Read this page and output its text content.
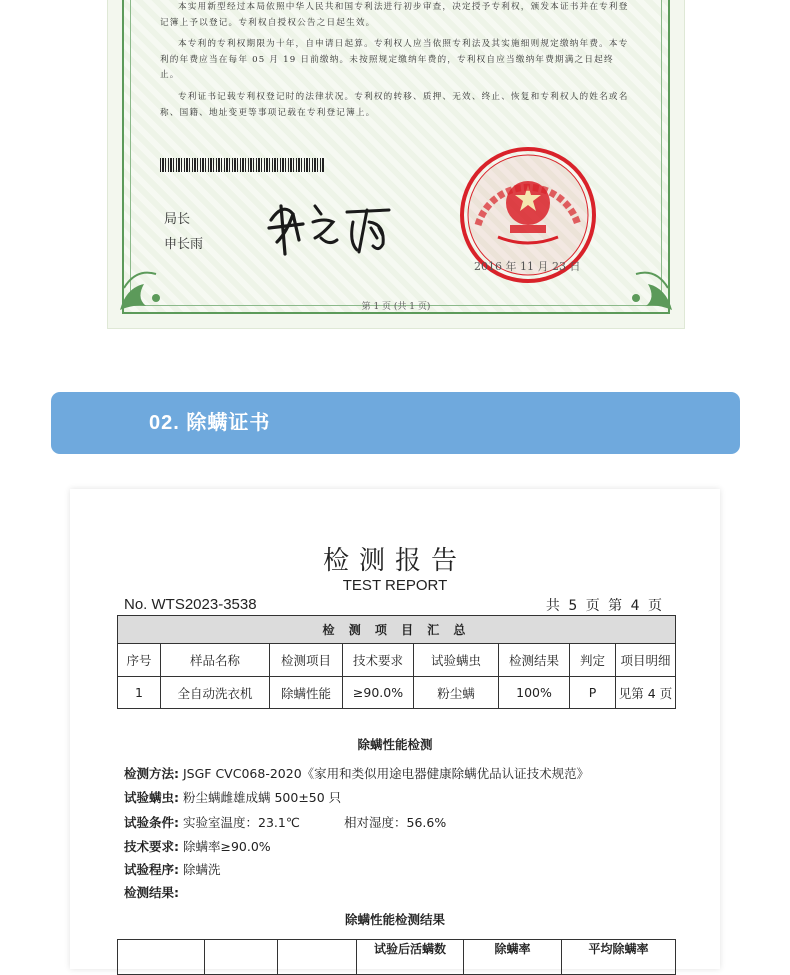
本实用新型经过本局依照中华人民共和国专利法进行初步审查，决定授予专利权，颁发本证书并在专利登记簿上予以登记。专利权自授权公告之日起生效。

本专利的专利权期限为十年，自申请日起算。专利权人应当依照专利法及其实施细则规定缴纳年费。本专利的年费应当在每年 05 月 19 日前缴纳。未按照规定缴纳年费的，专利权自应当缴纳年费期满之日起终止。

专利证书记载专利权登记时的法律状况。专利权的转移、质押、无效、终止、恢复和专利权人的姓名或名称、国籍、地址变更等事项记载在专利登记簿上。

局长
申长雨
2016 年 11 月 23 日
第 1 页 (共 1 页)
02. 除螨证书
检测报告
TEST REPORT
No. WTS2023-3538	共 5 页 第 4 页
检 测 项 目 汇 总							
序号	样品名称	检测项目	技术要求	试验螨虫	检测结果	判定	项目明细
1	全自动洗衣机	除螨性能	≥90.0%	粉尘螨	100%	P	见第 4 页
除螨性能检测
检测方法: JSGF CVC068-2020《家用和类似用途电器健康除螨优品认证技术规范》
试验螨虫: 粉尘螨雌雄成螨 500±50 只
试验条件: 实验室温度：23.1℃	相对湿度：56.6%
技术要求: 除螨率≥90.0%
试验程序: 除螨洗
检测结果:
除螨性能检测结果
			试验后活螨数	除螨率	平均除螨率
